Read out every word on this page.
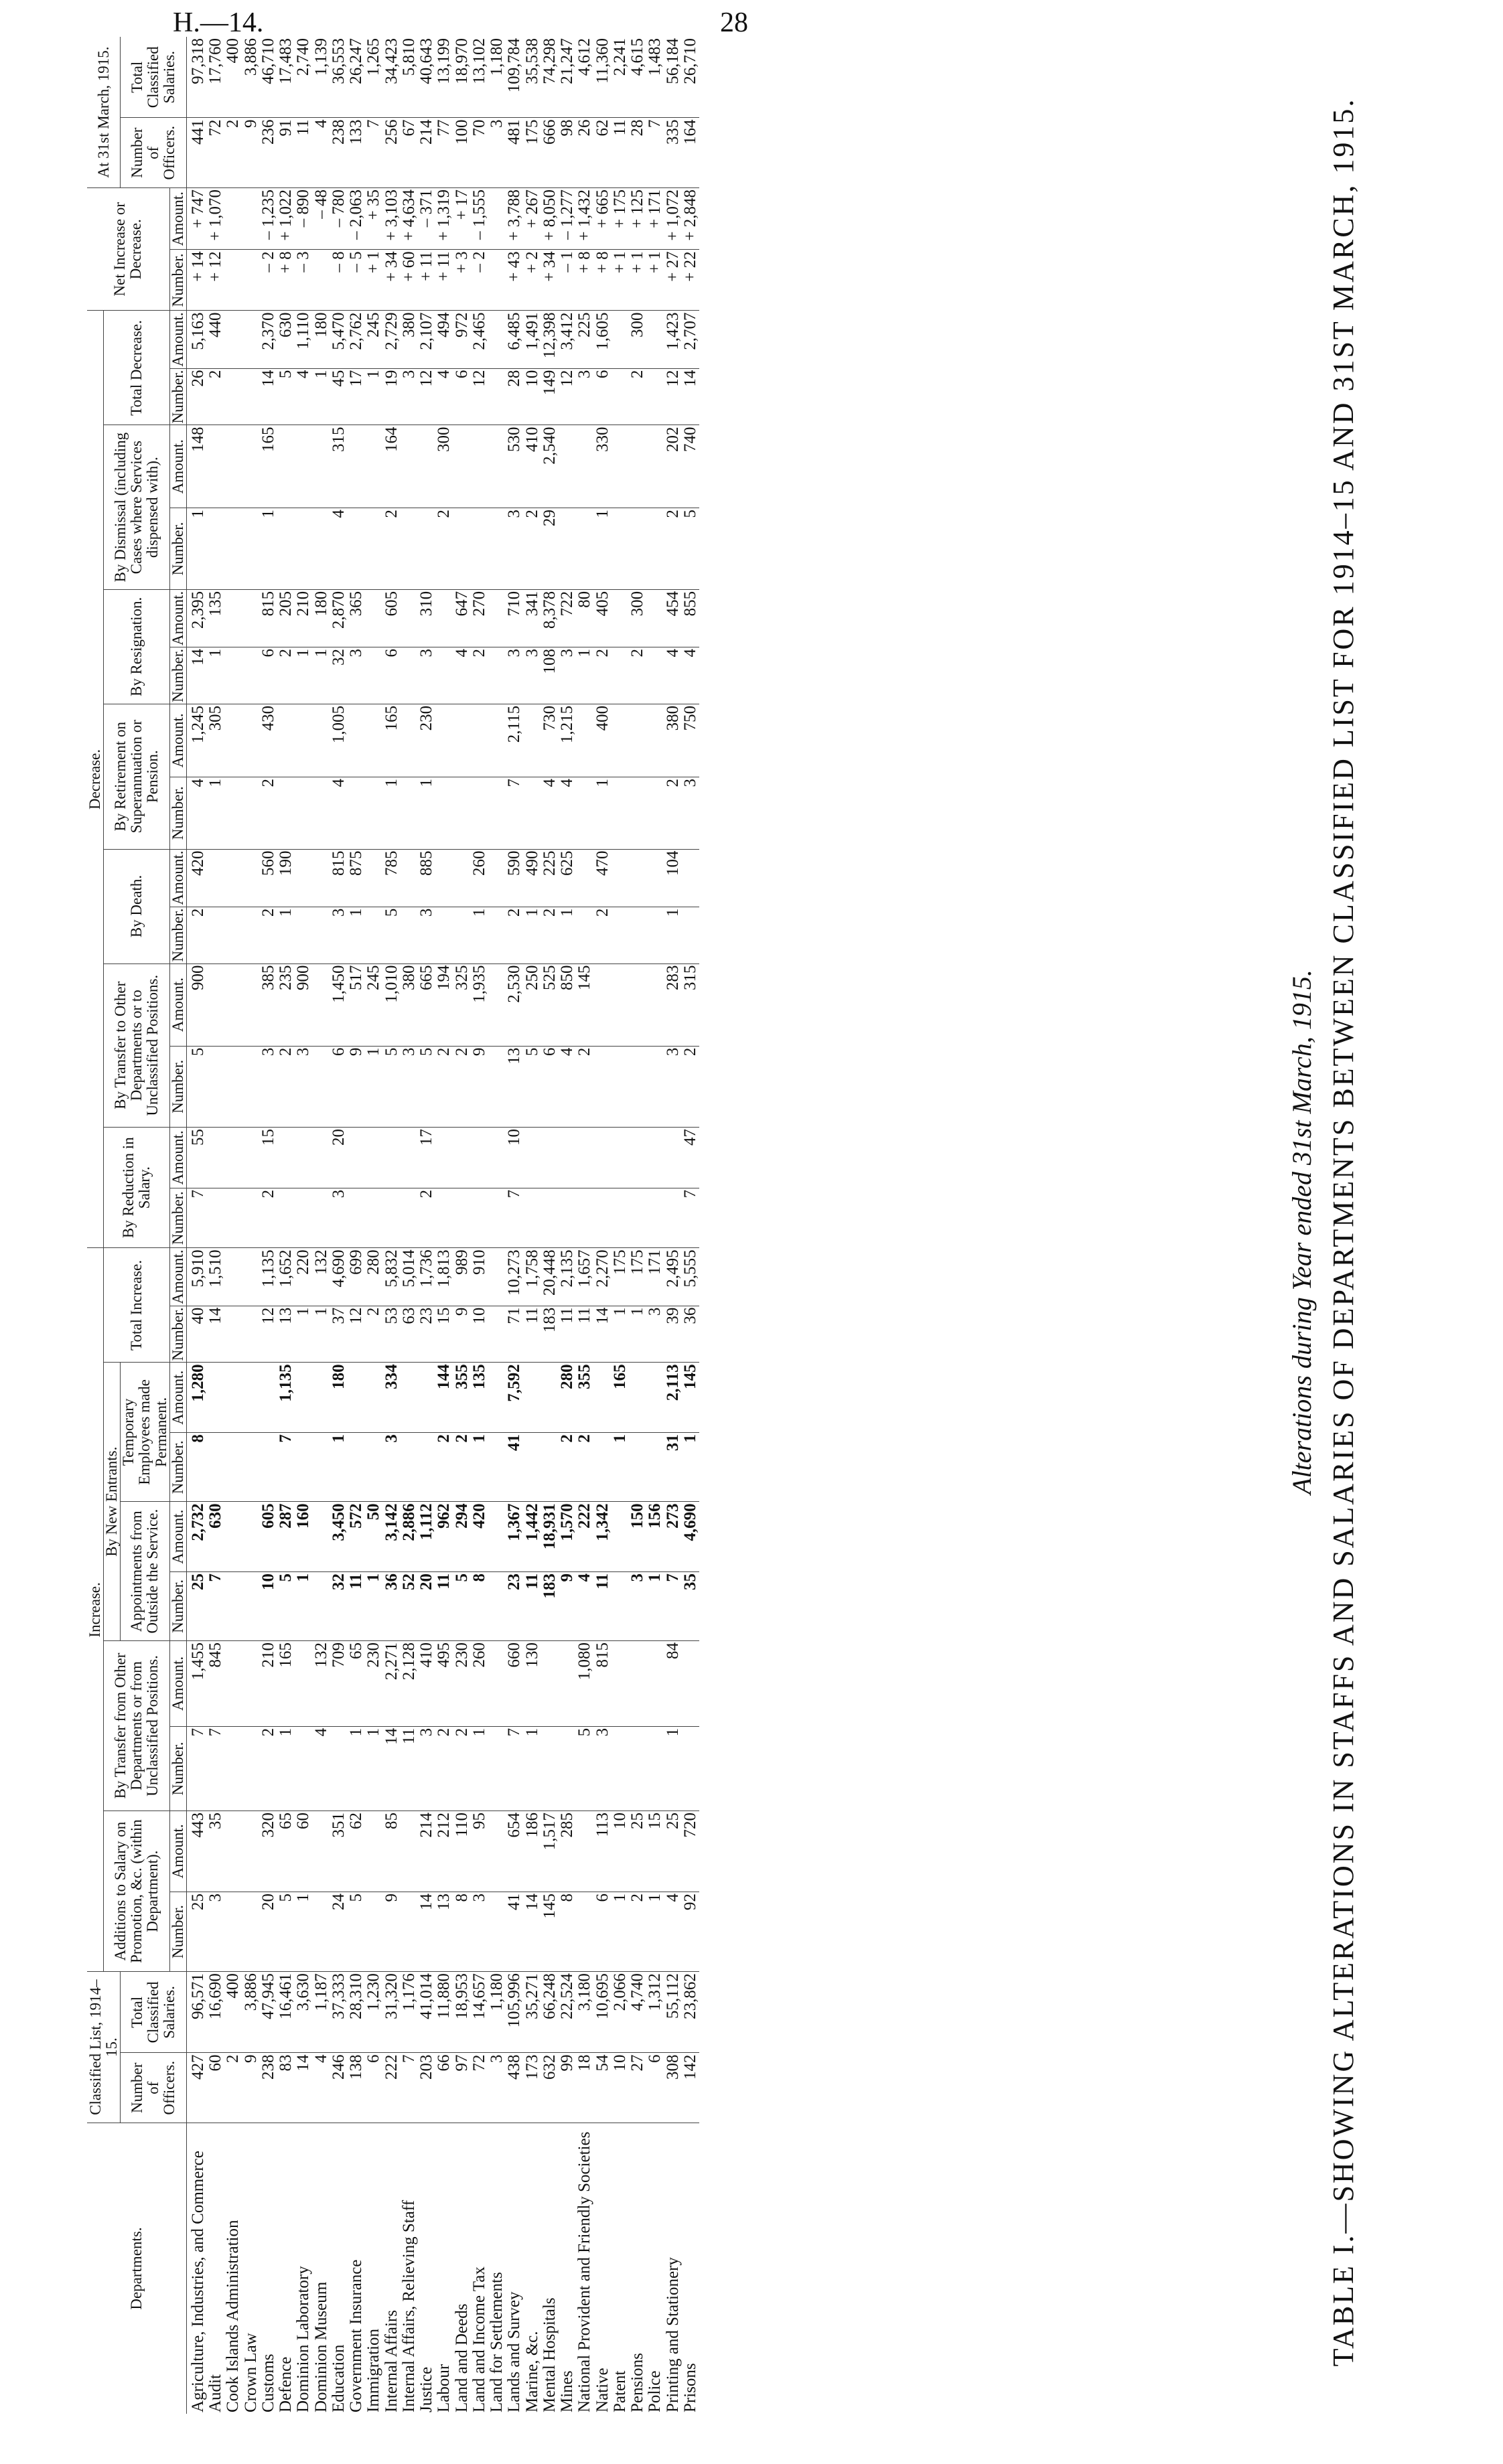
H.—14.	28
TABLE I.—SHOWING ALTERATIONS IN STAFFS AND SALARIES OF DEPARTMENTS BETWEEN CLASSIFIED LIST FOR 1914–15 AND 31ST MARCH, 1915.
Alterations during Year ended 31st March, 1915.
Departments.	Classified List, 1914–15.		Increase.										Decrease.														Net Increase or Decrease.		At 31st March, 1915.	
			Additions to Salary on Promotion, &c. (within Department).		By Transfer from Other Departments or from Unclassified Positions.		By New Entrants.				Total Increase.		By Reduction in Salary.		By Transfer to Other Departments or to Unclassified Positions.		By Death.		By Retirement on Superannuation or Pension.		By Resignation.		By Dismissal (including Cases where Services dispensed with).		Total Decrease.					
	Number of Officers.	Total Classified Salaries.					Appointments from Outside the Service.		Temporary Employees made Permanent.																				Number of Officers.	Total Classified Salaries.
			Number.	Amount.	Number.	Amount.	Number.	Amount.	Number.	Amount.	Number.	Amount.	Number.	Amount.	Number.	Amount.	Number.	Amount.	Number.	Amount.	Number.	Amount.	Number.	Amount.	Number.	Amount.	Number.	Amount.		
Agriculture, Industries, and Commerce	427	96,571	25	443	7	1,455	25	2,732	8	1,280	40	5,910	7	55	5	900	2	420	4	1,245	14	2,395	1	148	26	5,163	+ 14	+ 747	441	97,318
Audit	60	16,690	3	35	7	845	7	630			14	1,510							1	305	1	135			2	440	+ 12	+ 1,070	72	17,760
Cook Islands Administration	2	400																											2	400
Crown Law	9	3,886																											9	3,886
Customs	238	47,945	20	320	2	210	10	605			12	1,135	2	15	3	385	2	560	2	430	6	815	1	165	14	2,370	– 2	– 1,235	236	46,710
Defence	83	16,461	5	65	1	165	5	287	7	1,135	13	1,652			2	235	1	190			2	205			5	630	+ 8	+ 1,022	91	17,483
Dominion Laboratory	14	3,630	1	60			1	160			1	220			3	900					1	210			4	1,110	– 3	– 890	11	2,740
Dominion Museum	4	1,187			4	132					1	132									1	180			1	180		– 48	4	1,139
Education	246	37,333	24	351		709	32	3,450	1	180	37	4,690	3	20	6	1,450	3	815	4	1,005	32	2,870	4	315	45	5,470	– 8	– 780	238	36,553
Government Insurance	138	28,310	5	62	1	65	11	572			12	699			9	517	1	875			3	365			17	2,762	– 5	– 2,063	133	26,247
Immigration	6	1,230			1	230	1	50			2	280			1	245									1	245	+ 1	+ 35	7	1,265
Internal Affairs	222	31,320	9	85	14	2,271	36	3,142	3	334	53	5,832			5	1,010	5	785	1	165	6	605	2	164	19	2,729	+ 34	+ 3,103	256	34,423
Internal Affairs, Relieving Staff	7	1,176			11	2,128	52	2,886			63	5,014			3	380									3	380	+ 60	+ 4,634	67	5,810
Justice	203	41,014	14	214	3	410	20	1,112			23	1,736	2	17	5	665	3	885	1	230	3	310			12	2,107	+ 11	– 371	214	40,643
Labour	66	11,880	13	212	2	495	11	962	2	144	15	1,813			2	194							2	300	4	494	+ 11	+ 1,319	77	13,199
Land and Deeds	97	18,953	8	110	2	230	5	294	2	355	9	989			2	325					4	647			6	972	+ 3	+ 17	100	18,970
Land and Income Tax	72	14,657	3	95	1	260	8	420	1	135	10	910			9	1,935	1	260			2	270			12	2,465	– 2	– 1,555	70	13,102
Land for Settlements	3	1,180																											3	1,180
Lands and Survey	438	105,996	41	654	7	660	23	1,367	41	7,592	71	10,273	7	10	13	2,530	2	590	7	2,115	3	710	3	530	28	6,485	+ 43	+ 3,788	481	109,784
Marine, &c.	173	35,271	14	186	1	130	11	1,442			11	1,758			5	250	1	490			3	341	2	410	10	1,491	+ 2	+ 267	175	35,538
Mental Hospitals	632	66,248	145	1,517			183	18,931			183	20,448			6	525	2	225	4	730	108	8,378	29	2,540	149	12,398	+ 34	+ 8,050	666	74,298
Mines	99	22,524	8	285			9	1,570	2	280	11	2,135			4	850	1	625	4	1,215	3	722			12	3,412	– 1	– 1,277	98	21,247
National Provident and Friendly Societies	18	3,180			5	1,080	4	222	2	355	11	1,657			2	145					1	80			3	225	+ 8	+ 1,432	26	4,612
Native	54	10,695	6	113	3	815	11	1,342			14	2,270					2	470	1	400	2	405	1	330	6	1,605	+ 8	+ 665	62	11,360
Patent	10	2,066	1	10					1	165	1	175															+ 1	+ 175	11	2,241
Pensions	27	4,740	2	25			3	150			1	175									2	300			2	300	+ 1	+ 125	28	4,615
Police	6	1,312	1	15			1	156			3	171															+ 1	+ 171	7	1,483
Printing and Stationery	308	55,112	4	25	1	84	7	273	31	2,113	39	2,495			3	283	1	104	2	380	4	454	2	202	12	1,423	+ 27	+ 1,072	335	56,184
Prisons	142	23,862	92	720			35	4,690	1	145	36	5,555	7	47	2	315			3	750	4	855	5	740	14	2,707	+ 22	+ 2,848	164	26,710
